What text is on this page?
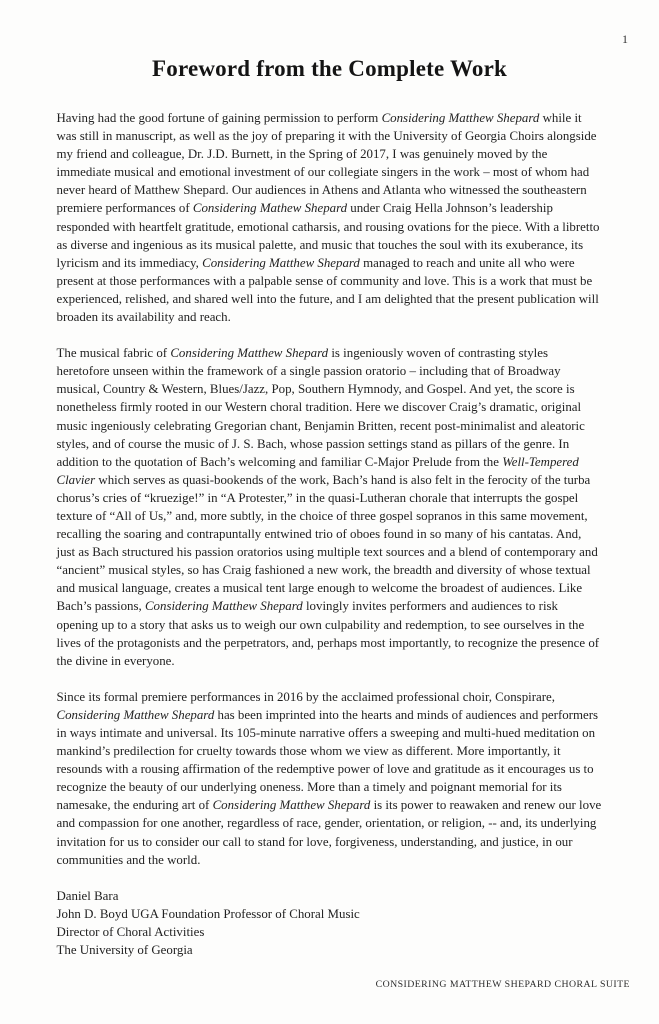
1
Foreword from the Complete Work

Having had the good fortune of gaining permission to perform Considering Matthew Shepard while it was still in manuscript, as well as the joy of preparing it with the University of Georgia Choirs alongside my friend and colleague, Dr. J.D. Burnett, in the Spring of 2017, I was genuinely moved by the immediate musical and emotional investment of our collegiate singers in the work – most of whom had never heard of Matthew Shepard. Our audiences in Athens and Atlanta who witnessed the southeastern premiere performances of Considering Mathew Shepard under Craig Hella Johnson’s leadership responded with heartfelt gratitude, emotional catharsis, and rousing ovations for the piece. With a libretto as diverse and ingenious as its musical palette, and music that touches the soul with its exuberance, its lyricism and its immediacy, Considering Matthew Shepard managed to reach and unite all who were present at those performances with a palpable sense of community and love. This is a work that must be experienced, relished, and shared well into the future, and I am delighted that the present publication will broaden its availability and reach.

The musical fabric of Considering Matthew Shepard is ingeniously woven of contrasting styles heretofore unseen within the framework of a single passion oratorio – including that of Broadway musical, Country & Western, Blues/Jazz, Pop, Southern Hymnody, and Gospel. And yet, the score is nonetheless firmly rooted in our Western choral tradition. Here we discover Craig’s dramatic, original music ingeniously celebrating Gregorian chant, Benjamin Britten, recent post-minimalist and aleatoric styles, and of course the music of J. S. Bach, whose passion settings stand as pillars of the genre. In addition to the quotation of Bach’s welcoming and familiar C-Major Prelude from the Well-Tempered Clavier which serves as quasi-bookends of the work, Bach’s hand is also felt in the ferocity of the turba chorus’s cries of “kruezige!” in “A Protester,” in the quasi-Lutheran chorale that interrupts the gospel texture of “All of Us,” and, more subtly, in the choice of three gospel sopranos in this same movement, recalling the soaring and contrapuntally entwined trio of oboes found in so many of his cantatas. And, just as Bach structured his passion oratorios using multiple text sources and a blend of contemporary and “ancient” musical styles, so has Craig fashioned a new work, the breadth and diversity of whose textual and musical language, creates a musical tent large enough to welcome the broadest of audiences. Like Bach’s passions, Considering Matthew Shepard lovingly invites performers and audiences to risk opening up to a story that asks us to weigh our own culpability and redemption, to see ourselves in the lives of the protagonists and the perpetrators, and, perhaps most importantly, to recognize the presence of the divine in everyone.

Since its formal premiere performances in 2016 by the acclaimed professional choir, Conspirare, Considering Matthew Shepard has been imprinted into the hearts and minds of audiences and performers in ways intimate and universal. Its 105-minute narrative offers a sweeping and multi-hued meditation on mankind’s predilection for cruelty towards those whom we view as different. More importantly, it resounds with a rousing affirmation of the redemptive power of love and gratitude as it encourages us to recognize the beauty of our underlying oneness. More than a timely and poignant memorial for its namesake, the enduring art of Considering Matthew Shepard is its power to reawaken and renew our love and compassion for one another, regardless of race, gender, orientation, or religion, -- and, its underlying invitation for us to consider our call to stand for love, forgiveness, understanding, and justice, in our communities and the world.

Daniel Bara
John D. Boyd UGA Foundation Professor of Choral Music
Director of Choral Activities
The University of Georgia
CONSIDERING MATTHEW SHEPARD CHORAL SUITE
